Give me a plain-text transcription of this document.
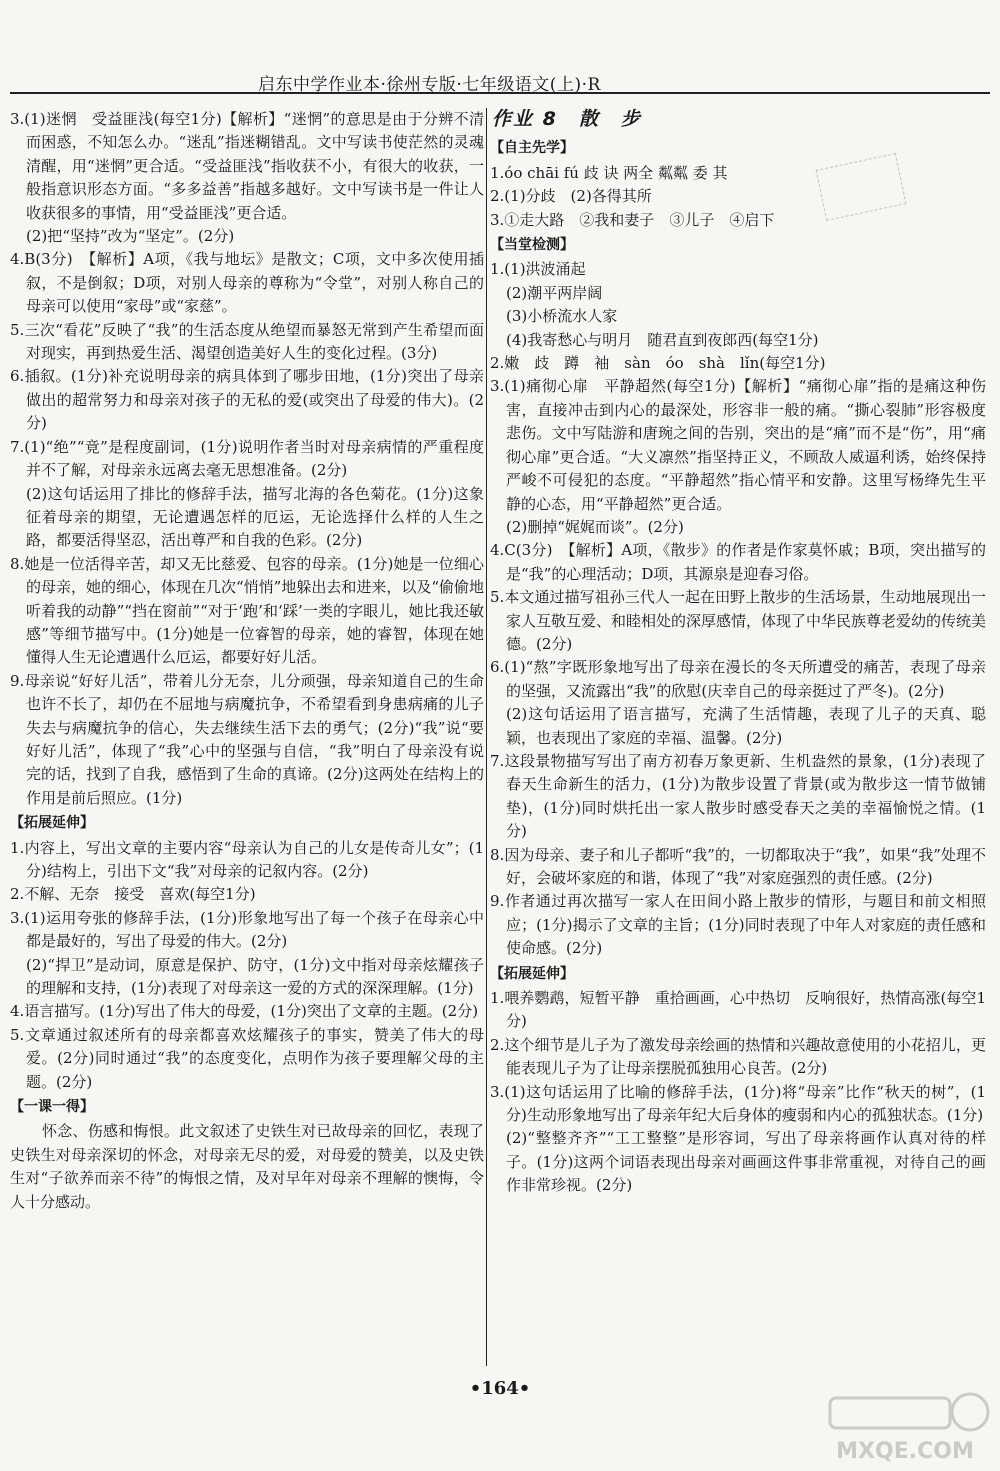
启东中学作业本·徐州专版·七年级语文(上)·R

3.(1)迷惘　受益匪浅(每空1分)【解析】“迷惘”的意思是由于分辨不清而困惑，不知怎么办。“迷乱”指迷糊错乱。文中写读书使茫然的灵魂清醒，用“迷惘”更合适。“受益匪浅”指收获不小，有很大的收获，一般指意识形态方面。“多多益善”指越多越好。文中写读书是一件让人收获很多的事情，用“受益匪浅”更合适。

(2)把“坚持”改为“坚定”。(2分)

4.B(3分)　【解析】A项，《我与地坛》是散文；C项，文中多次使用插叙，不是倒叙；D项，对别人母亲的尊称为“令堂”，对别人称自己的母亲可以使用“家母”或“家慈”。

5.三次“看花”反映了“我”的生活态度从绝望而暴怒无常到产生希望而面对现实，再到热爱生活、渴望创造美好人生的变化过程。(3分)

6.插叙。(1分)补充说明母亲的病具体到了哪步田地，(1分)突出了母亲做出的超常努力和母亲对孩子的无私的爱(或突出了母爱的伟大)。(2分)

7.(1)“绝”“竟”是程度副词，(1分)说明作者当时对母亲病情的严重程度并不了解，对母亲永远离去毫无思想准备。(2分)

(2)这句话运用了排比的修辞手法，描写北海的各色菊花。(1分)这象征着母亲的期望，无论遭遇怎样的厄运，无论选择什么样的人生之路，都要活得坚忍，活出尊严和自我的色彩。(2分)

8.她是一位活得辛苦，却又无比慈爱、包容的母亲。(1分)她是一位细心的母亲，她的细心，体现在几次“悄悄”地躲出去和进来，以及“偷偷地听着我的动静”“挡在窗前”“对于‘跑’和‘踩’一类的字眼儿，她比我还敏感”等细节描写中。(1分)她是一位睿智的母亲，她的睿智，体现在她懂得人生无论遭遇什么厄运，都要好好儿活。

9.母亲说“好好儿活”，带着儿分无奈，儿分顽强，母亲知道自己的生命也许不长了，却仍在不屈地与病魔抗争，不希望看到身患病痛的儿子失去与病魔抗争的信心，失去继续生活下去的勇气；(2分)“我”说“要好好儿活”，体现了“我”心中的坚强与自信，“我”明白了母亲没有说完的话，找到了自我，感悟到了生命的真谛。(2分)这两处在结构上的作用是前后照应。(1分)

【拓展延伸】

1.内容上，写出文章的主要内容“母亲认为自己的儿女是传奇儿女”；(1分)结构上，引出下文“我”对母亲的记叙内容。(2分)

2.不解、无奈　接受　喜欢(每空1分)

3.(1)运用夸张的修辞手法，(1分)形象地写出了每一个孩子在母亲心中都是最好的，写出了母爱的伟大。(2分)

(2)“捍卫”是动词，原意是保护、防守，(1分)文中指对母亲炫耀孩子的理解和支持，(1分)表现了对母亲这一爱的方式的深深理解。(1分)

4.语言描写。(1分)写出了伟大的母爱，(1分)突出了文章的主题。(2分)

5.文章通过叙述所有的母亲都喜欢炫耀孩子的事实，赞美了伟大的母爱。(2分)同时通过“我”的态度变化，点明作为孩子要理解父母的主题。(2分)

【一课一得】

怀念、伤感和悔恨。此文叙述了史铁生对已故母亲的回忆，表现了史铁生对母亲深切的怀念，对母亲无尽的爱，对母爱的赞美，以及史铁生对“子欲养而亲不待”的悔恨之情，及对早年对母亲不理解的懊悔，令人十分感动。

作业 8　散　步
【自主先学】

1.óo chāi fú 歧 诀 两全 粼粼 委 其

2.(1)分歧　(2)各得其所

3.①走大路　②我和妻子　③儿子　④启下

【当堂检测】

1.(1)洪波涌起

(2)潮平两岸阔

(3)小桥流水人家

(4)我寄愁心与明月　随君直到夜郎西(每空1分)

2.嫩　歧　蹲　袖　sàn　óo　shà　lǐn(每空1分)

3.(1)痛彻心扉　平静超然(每空1分)【解析】“痛彻心扉”指的是痛这种伤害，直接冲击到内心的最深处，形容非一般的痛。“撕心裂肺”形容极度悲伤。文中写陆游和唐琬之间的告别，突出的是“痛”而不是“伤”，用“痛彻心扉”更合适。“大义凛然”指坚持正义，不顾敌人威逼利诱，始终保持严峻不可侵犯的态度。“平静超然”指心情平和安静。这里写杨绛先生平静的心态，用“平静超然”更合适。

(2)删掉“娓娓而谈”。(2分)

4.C(3分)　【解析】A项，《散步》的作者是作家莫怀戚；B项，突出描写的是“我”的心理活动；D项，其源泉是迎春习俗。

5.本文通过描写祖孙三代人一起在田野上散步的生活场景，生动地展现出一家人互敬互爱、和睦相处的深厚感情，体现了中华民族尊老爱幼的传统美德。(2分)

6.(1)“熬”字既形象地写出了母亲在漫长的冬天所遭受的痛苦，表现了母亲的坚强，又流露出“我”的欣慰(庆幸自己的母亲挺过了严冬)。(2分)

(2)这句话运用了语言描写，充满了生活情趣，表现了儿子的天真、聪颖，也表现出了家庭的幸福、温馨。(2分)

7.这段景物描写写出了南方初春万象更新、生机盎然的景象，(1分)表现了春天生命新生的活力，(1分)为散步设置了背景(或为散步这一情节做铺垫)，(1分)同时烘托出一家人散步时感受春天之美的幸福愉悦之情。(1分)

8.因为母亲、妻子和儿子都听“我”的，一切都取决于“我”，如果“我”处理不好，会破坏家庭的和谐，体现了“我”对家庭强烈的责任感。(2分)

9.作者通过再次描写一家人在田间小路上散步的情形，与题目和前文相照应；(1分)揭示了文章的主旨；(1分)同时表现了中年人对家庭的责任感和使命感。(2分)

【拓展延伸】

1.喂养鹦鹉，短暂平静　重拾画画，心中热切　反响很好，热情高涨(每空1分)

2.这个细节是儿子为了激发母亲绘画的热情和兴趣故意使用的小花招儿，更能表现儿子为了让母亲摆脱孤独用心良苦。(2分)

3.(1)这句话运用了比喻的修辞手法，(1分)将“母亲”比作“秋天的树”，(1分)生动形象地写出了母亲年纪大后身体的瘦弱和内心的孤独状态。(1分)

(2)“整整齐齐”“工工整整”是形容词，写出了母亲将画作认真对待的样子。(1分)这两个词语表现出母亲对画画这件事非常重视，对待自己的画作非常珍视。(2分)

•164•
MXQE.COM
